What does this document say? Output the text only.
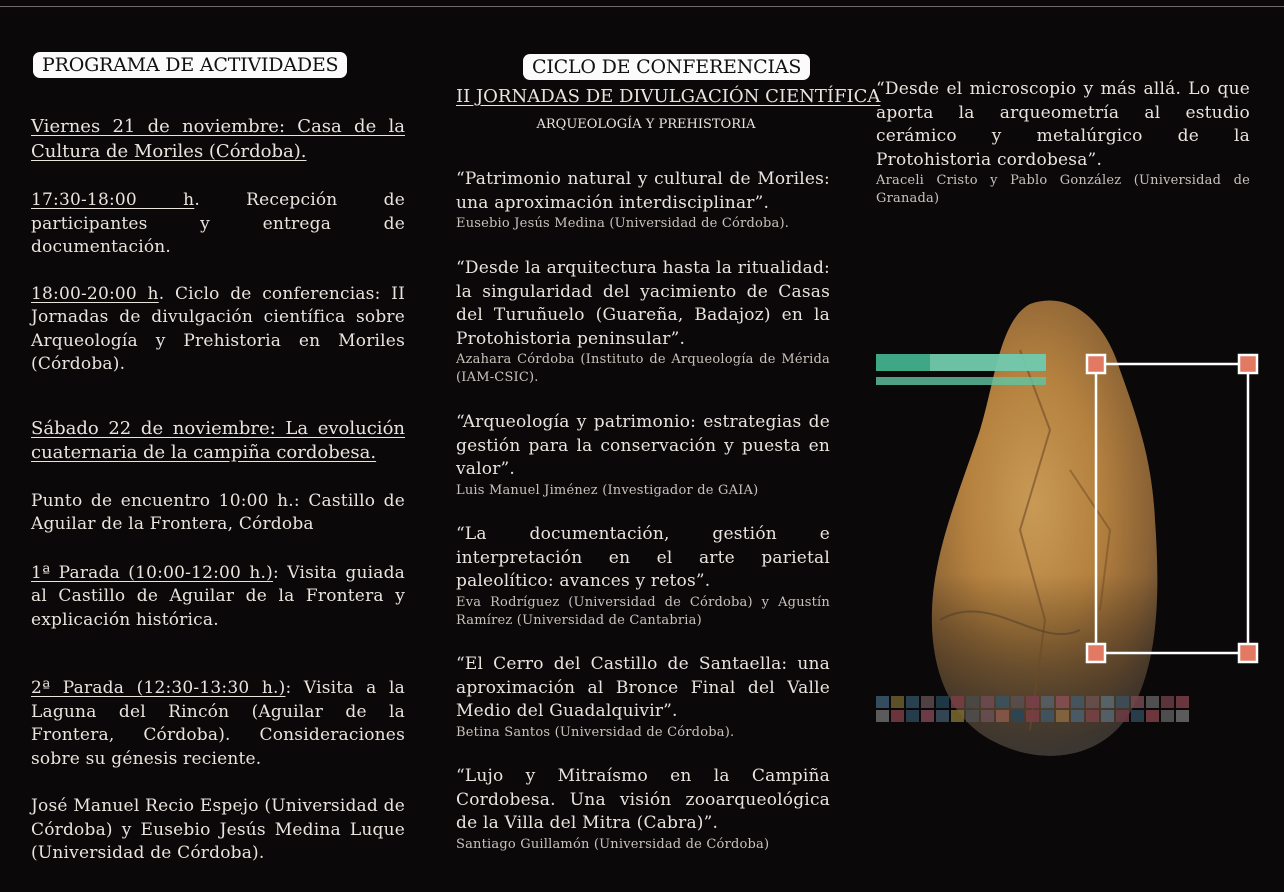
PROGRAMA DE ACTIVIDADES
Viernes 21 de noviembre: Casa de la Cultura de Moriles (Córdoba).
17:30-18:00 h. Recepción de participantes y entrega de documentación.
18:00-20:00 h. Ciclo de conferencias: II Jornadas de divulgación científica sobre Arqueología y Prehistoria en Moriles (Córdoba).
Sábado 22 de noviembre: La evolución cuaternaria de la campiña cordobesa.
Punto de encuentro 10:00 h.: Castillo de Aguilar de la Frontera, Córdoba
1ª Parada (10:00-12:00 h.): Visita guiada al Castillo de Aguilar de la Frontera y explicación histórica.
2ª Parada (12:30-13:30 h.): Visita a la Laguna del Rincón (Aguilar de la Frontera, Córdoba). Consideraciones sobre su génesis reciente.
José Manuel Recio Espejo (Universidad de Córdoba) y Eusebio Jesús Medina Luque (Universidad de Córdoba).
CICLO DE CONFERENCIAS
II JORNADAS DE DIVULGACIÓN CIENTÍFICA
ARQUEOLOGÍA Y PREHISTORIA
“Patrimonio natural y cultural de Moriles: una aproximación interdisciplinar”.
Eusebio Jesús Medina (Universidad de Córdoba).
“Desde la arquitectura hasta la ritualidad: la singularidad del yacimiento de Casas del Turuñuelo (Guareña, Badajoz) en la Protohistoria peninsular”.
Azahara Córdoba (Instituto de Arqueología de Mérida (IAM-CSIC).
“Arqueología y patrimonio: estrategias de gestión para la conservación y puesta en valor”.
Luis Manuel Jiménez (Investigador de GAIA)
“La documentación, gestión e interpretación en el arte parietal paleolítico: avances y retos”.
Eva Rodríguez (Universidad de Córdoba) y Agustín Ramírez (Universidad de Cantabria)
“El Cerro del Castillo de Santaella: una aproximación al Bronce Final del Valle Medio del Guadalquivir”.
Betina Santos (Universidad de Córdoba).
“Lujo y Mitraísmo en la Campiña Cordobesa. Una visión zooarqueológica de la Villa del Mitra (Cabra)”.
Santiago Guillamón (Universidad de Córdoba)
“Desde el microscopio y más allá. Lo que aporta la arqueometría al estudio cerámico y metalúrgico de la Protohistoria cordobesa”.
Araceli Cristo y Pablo González (Universidad de Granada)
